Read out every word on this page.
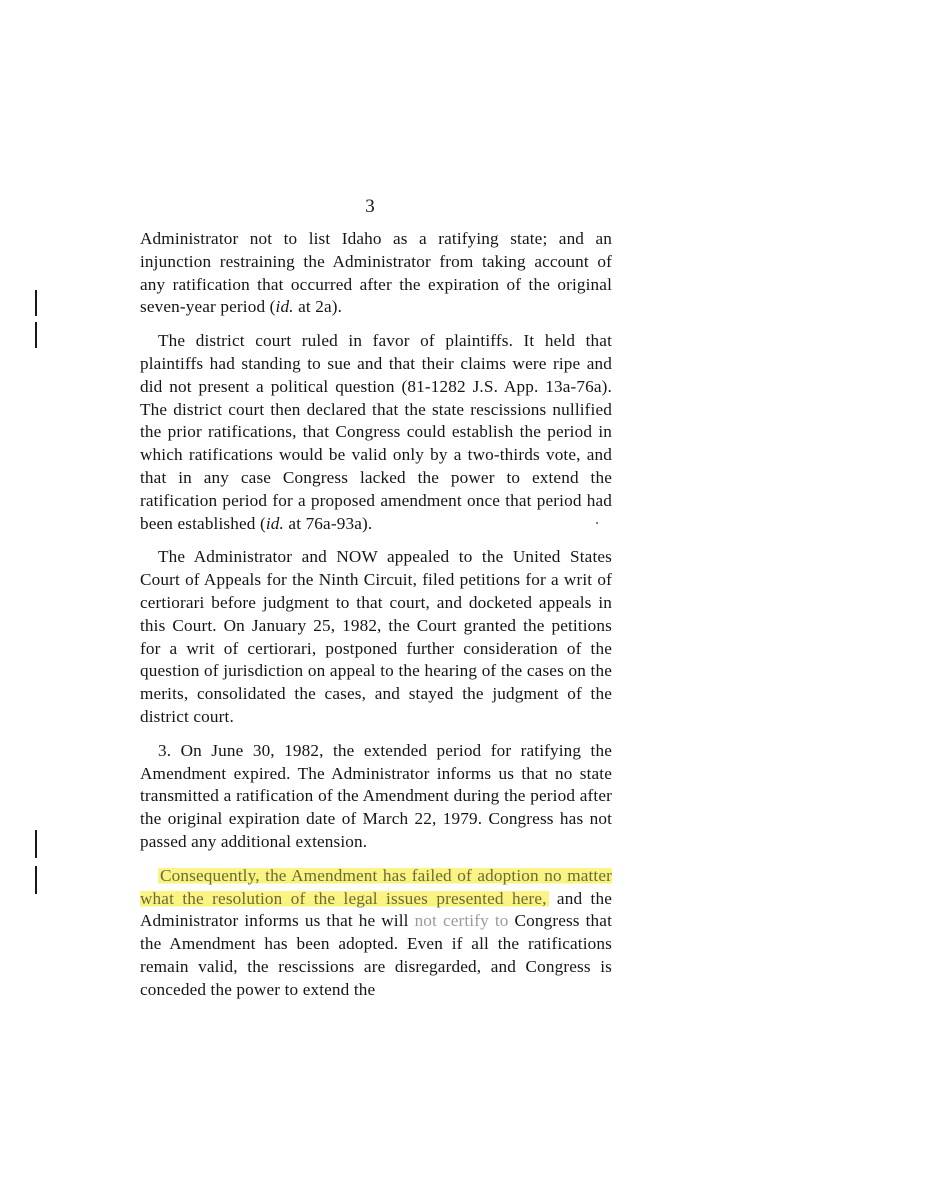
3

Administrator not to list Idaho as a ratifying state; and an injunction restraining the Administrator from taking account of any ratification that occurred after the expiration of the original seven-year period (id. at 2a).

The district court ruled in favor of plaintiffs. It held that plaintiffs had standing to sue and that their claims were ripe and did not present a political question (81-1282 J.S. App. 13a-76a). The district court then declared that the state rescissions nullified the prior ratifications, that Congress could establish the period in which ratifications would be valid only by a two-thirds vote, and that in any case Congress lacked the power to extend the ratification period for a proposed amendment once that period had been established (id. at 76a-93a).

The Administrator and NOW appealed to the United States Court of Appeals for the Ninth Circuit, filed petitions for a writ of certiorari before judgment to that court, and docketed appeals in this Court. On January 25, 1982, the Court granted the petitions for a writ of certiorari, postponed further consideration of the question of jurisdiction on appeal to the hearing of the cases on the merits, consolidated the cases, and stayed the judgment of the district court.

3. On June 30, 1982, the extended period for ratifying the Amendment expired. The Administrator informs us that no state transmitted a ratification of the Amendment during the period after the original expiration date of March 22, 1979. Congress has not passed any additional extension.

Consequently, the Amendment has failed of adoption no matter what the resolution of the legal issues presented here, and the Administrator informs us that he will not certify to Congress that the Amendment has been adopted. Even if all the ratifications remain valid, the rescissions are disregarded, and Congress is conceded the power to extend the
